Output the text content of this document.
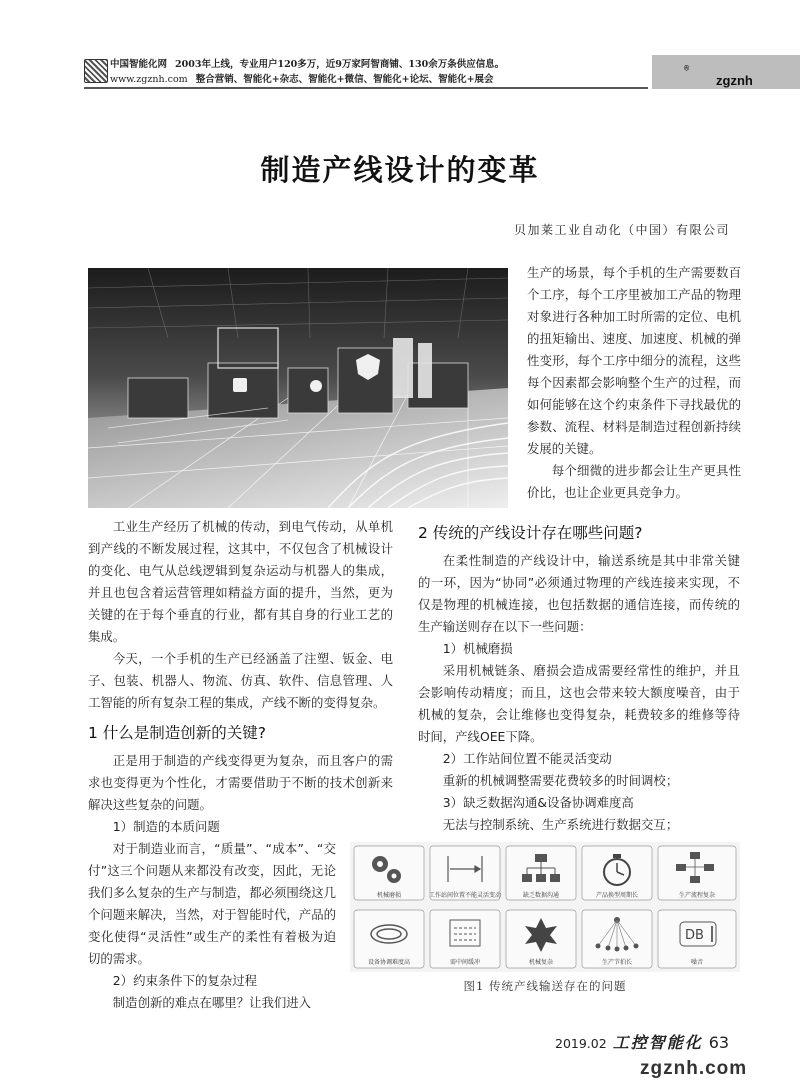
中国智能化网 2003年上线，专业用户120多万，近9万家阿智商铺、130余万条供应信息。
www.zgznh.com 整合营销、智能化+杂志、智能化+微信、智能化+论坛、智能化+展会	zgznh
®
制造产线设计的变革
贝加莱工业自动化（中国）有限公司

生产的场景，每个手机的生产需要数百个工序，每个工序里被加工产品的物理对象进行各种加工时所需的定位、电机的扭矩输出、速度、加速度、机械的弹性变形，每个工序中细分的流程，这些每个因素都会影响整个生产的过程，而如何能够在这个约束条件下寻找最优的参数、流程、材料是制造过程创新持续发展的关键。

每个细微的进步都会让生产更具性价比，也让企业更具竞争力。

工业生产经历了机械的传动，到电气传动，从单机到产线的不断发展过程，这其中，不仅包含了机械设计的变化、电气从总线逻辑到复杂运动与机器人的集成，并且也包含着运营管理如精益方面的提升，当然，更为关键的在于每个垂直的行业，都有其自身的行业工艺的集成。

今天，一个手机的生产已经涵盖了注塑、钣金、电子、包装、机器人、物流、仿真、软件、信息管理、人工智能的所有复杂工程的集成，产线不断的变得复杂。

1 什么是制造创新的关键?

正是用于制造的产线变得更为复杂，而且客户的需求也变得更为个性化，才需要借助于不断的技术创新来解决这些复杂的问题。

1）制造的本质问题

对于制造业而言，“质量”、“成本”、“交付”这三个问题从来都没有改变，因此，无论我们多么复杂的生产与制造，都必须围绕这几个问题来解决，当然，对于智能时代，产品的变化使得“灵活性”或生产的柔性有着极为迫切的需求。

2）约束条件下的复杂过程

制造创新的难点在哪里？让我们进入

2 传统的产线设计存在哪些问题?

在柔性制造的产线设计中，输送系统是其中非常关键的一环，因为“协同”必须通过物理的产线连接来实现，不仅是物理的机械连接，也包括数据的通信连接，而传统的生产输送则存在以下一些问题：

1）机械磨损

采用机械链条、磨损会造成需要经常性的维护，并且会影响传动精度；而且，这也会带来较大额度噪音，由于机械的复杂，会让维修也变得复杂，耗费较多的维修等待时间，产线OEE下降。

2）工作站间位置不能灵活变动

重新的机械调整需要花费较多的时间调校；

3）缺乏数据沟通&设备协调难度高

无法与控制系统、生产系统进行数据交互；

DB
机械磨损	工作站间位置不能灵活变动	缺乏数据沟通	产品换型周期长	生产流程复杂
设备协调难度高	需中间缓冲	机械复杂	生产节拍长	噪音
图1 传统产线输送存在的问题
2019.02 工控智能化 63
zgznh.com
